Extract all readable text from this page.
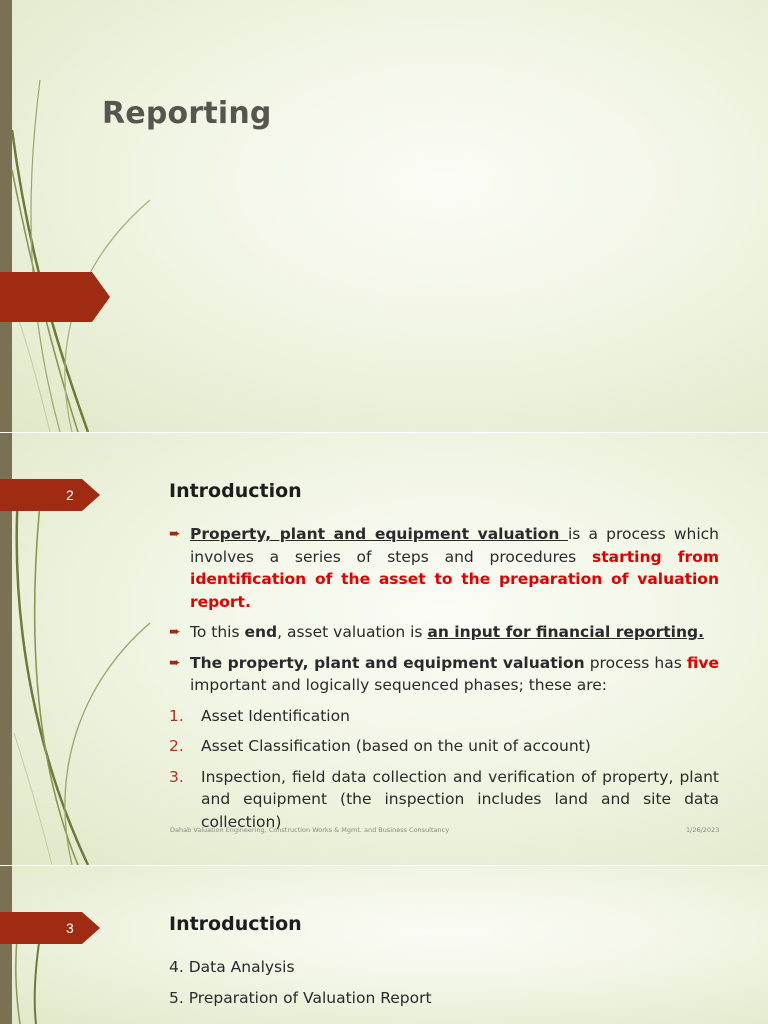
Reporting
2	Introduction
➨ Property, plant and equipment valuation is a process which involves a series of steps and procedures starting from identification of the asset to the preparation of valuation report.
➨ To this end, asset valuation is an input for financial reporting.
➨ The property, plant and equipment valuation process has five important and logically sequenced phases; these are:
1. Asset Identification
2. Asset Classification (based on the unit of account)
3. Inspection, field data collection and verification of property, plant and equipment (the inspection includes land and site data collection)
Dahab Valuation Engineering, Construction Works & Mgmt. and Business Consultancy	1/26/2023
3	Introduction
4. Data Analysis
5. Preparation of Valuation Report
